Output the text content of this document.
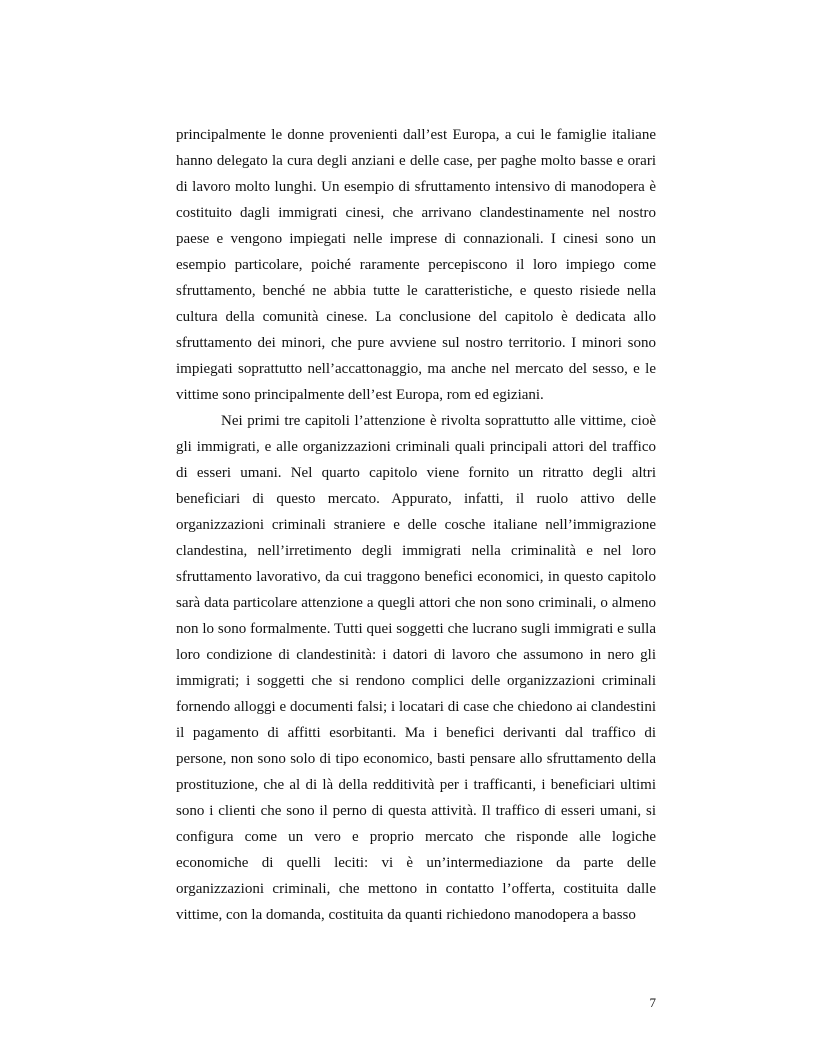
principalmente le donne provenienti dall’est Europa, a cui le famiglie italiane hanno delegato la cura degli anziani e delle case, per paghe molto basse e orari di lavoro molto lunghi. Un esempio di sfruttamento intensivo di manodopera è costituito dagli immigrati cinesi, che arrivano clandestinamente nel nostro paese e vengono impiegati nelle imprese di connazionali. I cinesi sono un esempio particolare, poiché raramente percepiscono il loro impiego come sfruttamento, benché ne abbia tutte le caratteristiche, e questo risiede nella cultura della comunità cinese. La conclusione del capitolo è dedicata allo sfruttamento dei minori, che pure avviene sul nostro territorio. I minori sono impiegati soprattutto nell’accattonaggio, ma anche nel mercato del sesso, e le vittime sono principalmente dell’est Europa, rom ed egiziani.

Nei primi tre capitoli l’attenzione è rivolta soprattutto alle vittime, cioè gli immigrati, e alle organizzazioni criminali quali principali attori del traffico di esseri umani. Nel quarto capitolo viene fornito un ritratto degli altri beneficiari di questo mercato. Appurato, infatti, il ruolo attivo delle organizzazioni criminali straniere e delle cosche italiane nell’immigrazione clandestina, nell’irretimento degli immigrati nella criminalità e nel loro sfruttamento lavorativo, da cui traggono benefici economici, in questo capitolo sarà data particolare attenzione a quegli attori che non sono criminali, o almeno non lo sono formalmente. Tutti quei soggetti che lucrano sugli immigrati e sulla loro condizione di clandestinità: i datori di lavoro che assumono in nero gli immigrati; i soggetti che si rendono complici delle organizzazioni criminali fornendo alloggi e documenti falsi; i locatari di case che chiedono ai clandestini il pagamento di affitti esorbitanti. Ma i benefici derivanti dal traffico di persone, non sono solo di tipo economico, basti pensare allo sfruttamento della prostituzione, che al di là della redditività per i trafficanti, i beneficiari ultimi sono i clienti che sono il perno di questa attività. Il traffico di esseri umani, si configura come un vero e proprio mercato che risponde alle logiche economiche di quelli leciti: vi è un’intermediazione da parte delle organizzazioni criminali, che mettono in contatto l’offerta, costituita dalle vittime, con la domanda, costituita da quanti richiedono manodopera a basso

7
